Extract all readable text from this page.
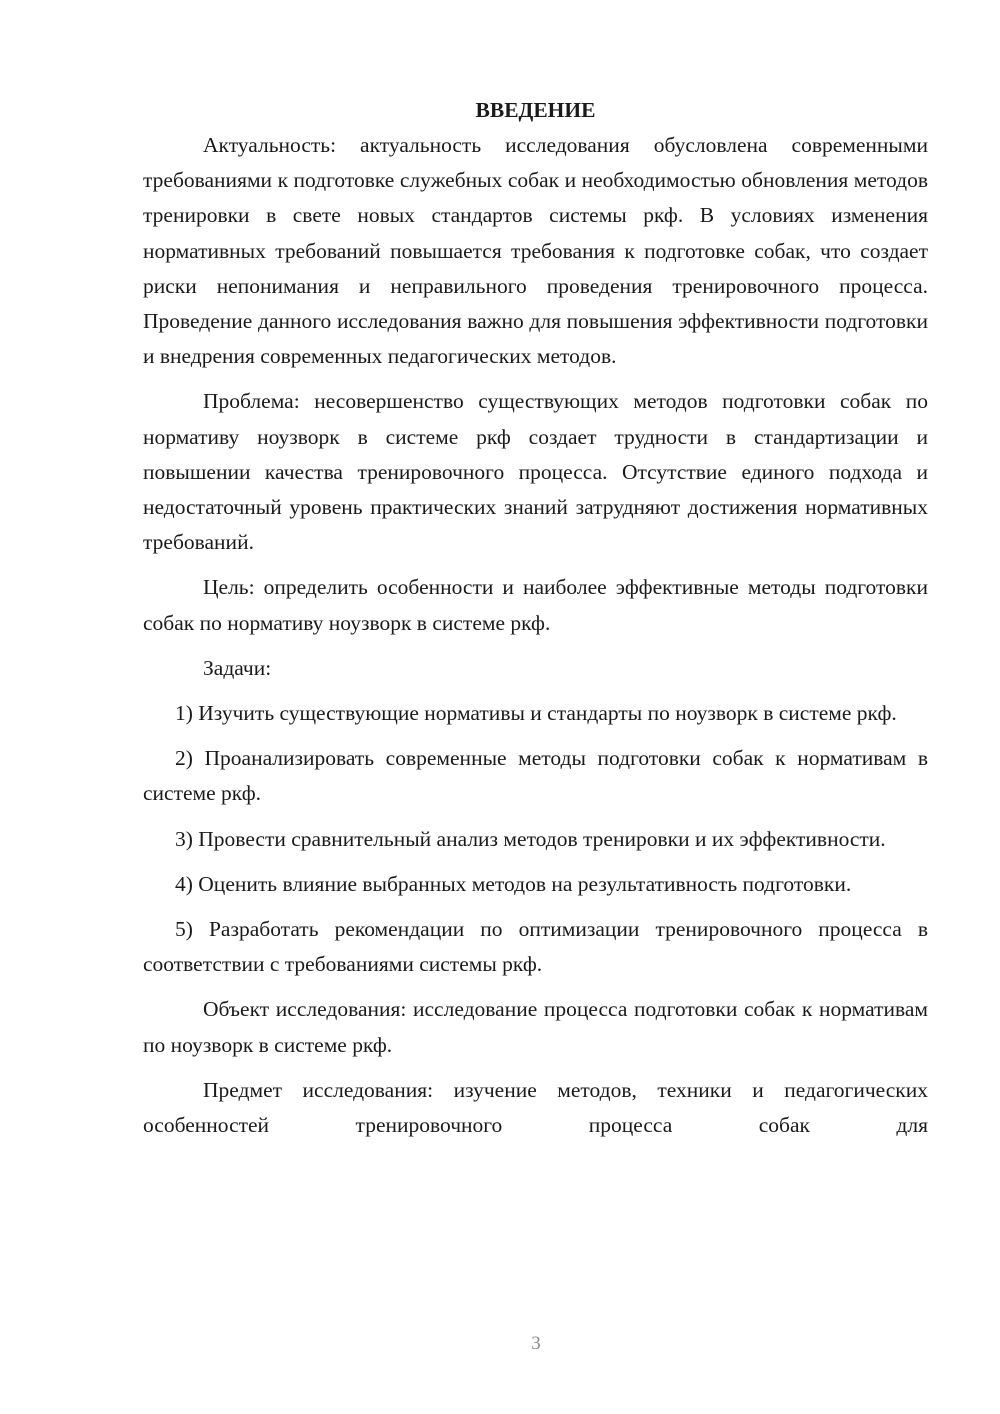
ВВЕДЕНИЕ

Актуальность: актуальность исследования обусловлена современными требованиями к подготовке служебных собак и необходимостью обновления методов тренировки в свете новых стандартов системы ркф. В условиях изменения нормативных требований повышается требования к подготовке собак, что создает риски непонимания и неправильного проведения тренировочного процесса. Проведение данного исследования важно для повышения эффективности подготовки и внедрения современных педагогических методов.

Проблема: несовершенство существующих методов подготовки собак по нормативу ноузворк в системе ркф создает трудности в стандартизации и повышении качества тренировочного процесса. Отсутствие единого подхода и недостаточный уровень практических знаний затрудняют достижения нормативных требований.

Цель: определить особенности и наиболее эффективные методы подготовки собак по нормативу ноузворк в системе ркф.

Задачи:

1) Изучить существующие нормативы и стандарты по ноузворк в системе ркф.

2) Проанализировать современные методы подготовки собак к нормативам в системе ркф.

3) Провести сравнительный анализ методов тренировки и их эффективности.

4) Оценить влияние выбранных методов на результативность подготовки.

5) Разработать рекомендации по оптимизации тренировочного процесса в соответствии с требованиями системы ркф.

Объект исследования: исследование процесса подготовки собак к нормативам по ноузворк в системе ркф.

Предмет исследования: изучение методов, техники и педагогических особенностей тренировочного процесса собак для

3
